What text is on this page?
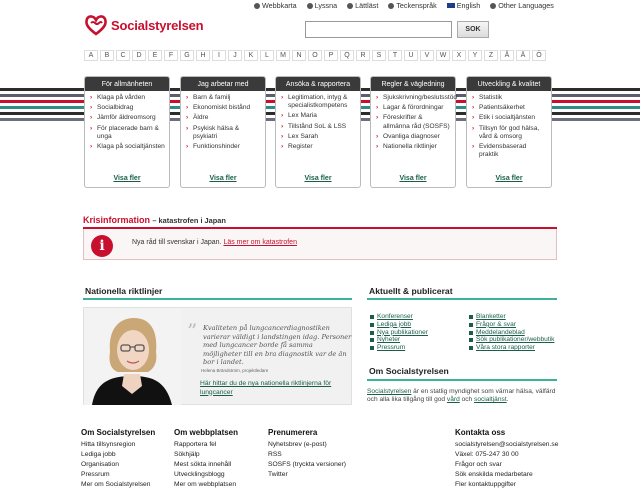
Webbkarta	Lyssna	Lättläst	Teckenspråk	English	Other Languages
Socialstyrelsen	SOK
A	B	C	D	E	F	G	H	I	J	K	L	M	N	O	P	Q	R	S	T	U	V	W	X	Y	Z	Å	Ä	Ö
För allmänheten
› Klaga på vården
› Socialbidrag
› Jämför äldreomsorg
› För placerade barn & unga
› Klaga på socialtjänsten
Visa fler
Jag arbetar med
› Barn & familj
› Ekonomiskt bistånd
› Äldre
› Psykisk hälsa & psykiatri
› Funktionshinder
Visa fler
Ansöka & rapportera
› Legitimation, intyg & specialistkompetens
› Lex Maria
› Tillstånd SoL & LSS
› Lex Sarah
› Register
Visa fler
Regler & vägledning
› Sjukskrivning/beslutsstöd
› Lagar & förordningar
› Föreskrifter & allmänna råd (SOSFS)
› Ovanliga diagnoser
› Nationella riktlinjer
Visa fler
Utveckling & kvalitet
› Statistik
› Patientsäkerhet
› Etik i socialtjänsten
› Tillsyn för god hälsa, vård & omsorg
› Evidensbaserad praktik
Visa fler
Krisinformation – katastrofen i Japan
i	Nya råd till svenskar i Japan. Läs mer om katastrofen
Nationella riktlinjer
” Kvaliteten på lungcancerdiagnostiken varierar väldigt i landstingen idag. Personer med lungcancer borde få samma möjligheter till en bra diagnostik var de än bor i landet.
Helena Brändström, projektledare
Här hittar du de nya nationella riktlinjerna för lungcancer
Aktuellt & publicerat
Konferenser
Lediga jobb
Nya publikationer
Nyheter
Pressrum
Blanketter
Frågor & svar
Meddelandeblad
Sök publikationer/webbutik
Våra stora rapporter
Om Socialstyrelsen
Socialstyrelsen är en statlig myndighet som värnar hälsa, välfärd och alla lika tillgång till god vård och socialtjänst.
Om Socialstyrelsen
Hitta tillsynsregion
Lediga jobb
Organisation
Pressrum
Mer om Socialstyrelsen
Om webbplatsen
Rapportera fel
Sökhjälp
Mest sökta innehåll
Utvecklingsblogg
Mer om webbplatsen
Prenumerera
Nyhetsbrev (e-post)
RSS
SOSFS (tryckta versioner)
Twitter
Kontakta oss
socialstyrelsen@socialstyrelsen.se
Växel: 075-247 30 00
Frågor och svar
Sök enskilda medarbetare
Fler kontaktuppgifter
